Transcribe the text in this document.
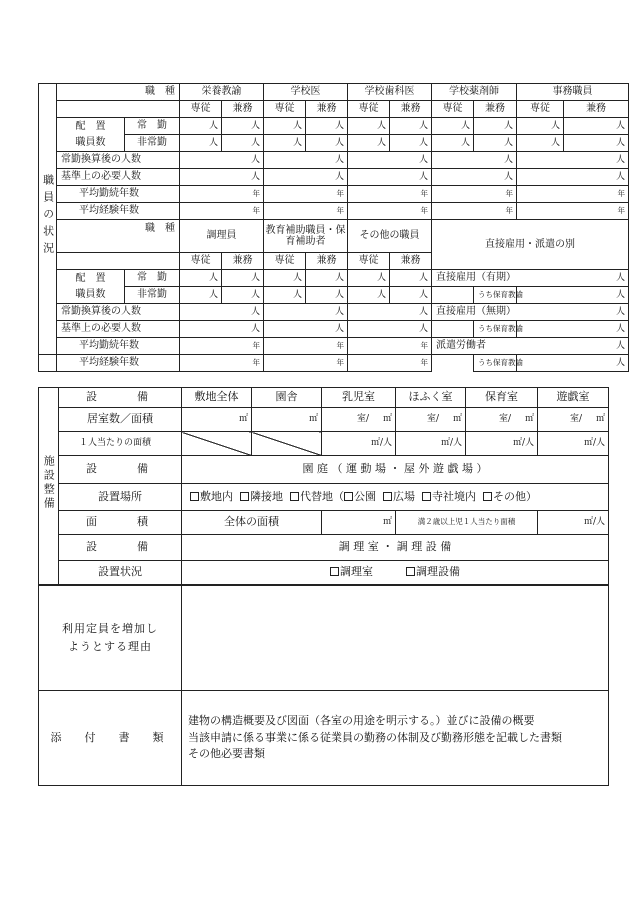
職員の状況	職　種		栄養教諭		学校医		学校歯科医		学校薬剤師		事務職員	
			専従	兼務	専従	兼務	専従	兼務	専従	兼務	専従	兼務
	配　置	常　勤	人	人	人	人	人	人	人	人	人	人
	職員数	非常勤	人	人	人	人	人	人	人	人	人	人
	常勤換算後の人数		人		人		人		人		人	
	基準上の必要人数		人		人		人		人		人	
	平均勤続年数		年		年		年		年		年	
	平均経験年数		年		年		年		年		年	
	職　種		調理員		教育補助職員・保育補助者		その他の職員		直接雇用・派遣の別			
			専従	兼務	専従	兼務	専従	兼務				
	配　置	常　勤	人	人	人	人	人	人	直接雇用（有期）		人	
	職員数	非常勤	人	人	人	人	人	人		うち保育教諭	人	
	常勤換算後の人数		人		人		人		直接雇用（無期）		人	
	基準上の必要人数		人		人		人			うち保育教諭	人	
	平均勤続年数		年		年		年		派遣労働者		人	
	平均経験年数		年		年		年			うち保育教諭	人	
施設整備	設　　備	敷地全体	園舎	乳児室	ほふく室	保育室	遊戯室
	居室数／面積	㎡	㎡	室/ ㎡	室/ ㎡	室/ ㎡	室/ ㎡
	１人当たりの面積			㎡/人	㎡/人	㎡/人	㎡/人
	設　　備	園 庭 （ 運 動 場 ・ 屋 外 遊 戯 場 ）					
	設置場所	敷地内 隣接地 代替地（ 公園 広場 寺社境内 その他）					
	面　　積	全体の面積		㎡	満２歳以上児１人当たり面積		㎡/人
	設　　備	調 理 室 ・ 調 理 設 備					
	設置状況	調理室 調理設備					
利用定員を増加しようとする理由	
添　付　書　類	建物の構造概要及び図面（各室の用途を明示する。）並びに設備の概要
当該申請に係る事業に係る従業員の勤務の体制及び勤務形態を記載した書類
その他必要書類
